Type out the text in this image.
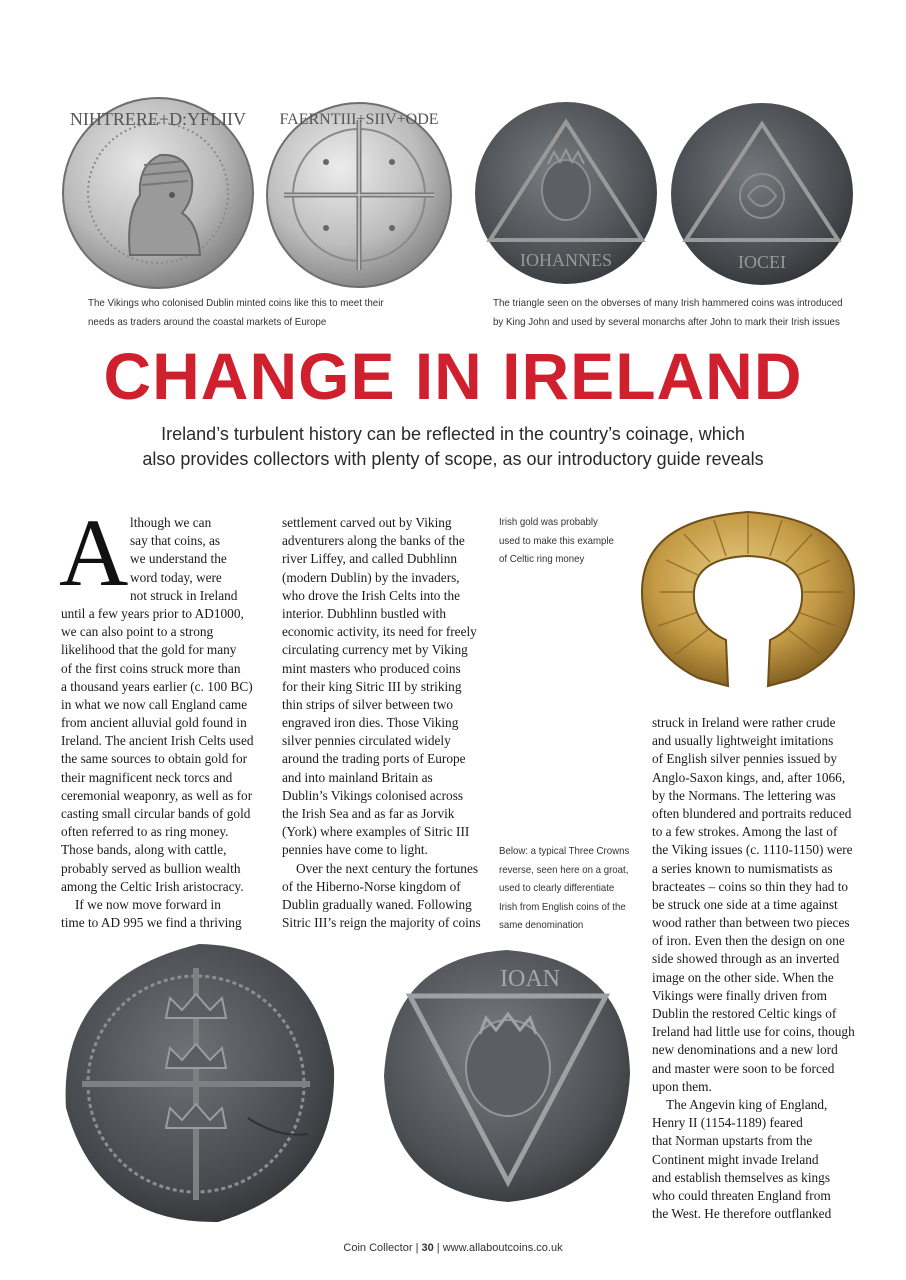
NIHTRERE+D:YFLIIV FAERNTIII+SIIV+ODE
IOHANNES	IOCEI
The Vikings who colonised Dublin minted coins like this to meet their
needs as traders around the coastal markets of Europe
The triangle seen on the obverses of many Irish hammered coins was introduced
by King John and used by several monarchs after John to mark their Irish issues
CHANGE IN IRELAND
Ireland’s turbulent history can be reflected in the country’s coinage, which
also provides collectors with plenty of scope, as our introductory guide reveals
A lthough we can
say that coins, as
we understand the
word today, were
not struck in Ireland
until a few years prior to AD1000,
we can also point to a strong
likelihood that the gold for many
of the first coins struck more than
a thousand years earlier (c. 100 BC)
in what we now call England came
from ancient alluvial gold found in
Ireland. The ancient Irish Celts used
the same sources to obtain gold for
their magnificent neck torcs and
ceremonial weaponry, as well as for
casting small circular bands of gold
often referred to as ring money.
Those bands, along with cattle,
probably served as bullion wealth
among the Celtic Irish aristocracy.
If we now move forward in
time to AD 995 we find a thriving
settlement carved out by Viking
adventurers along the banks of the
river Liffey, and called Dubhlinn
(modern Dublin) by the invaders,
who drove the Irish Celts into the
interior. Dubhlinn bustled with
economic activity, its need for freely
circulating currency met by Viking
mint masters who produced coins
for their king Sitric III by striking
thin strips of silver between two
engraved iron dies. Those Viking
silver pennies circulated widely
around the trading ports of Europe
and into mainland Britain as
Dublin’s Vikings colonised across
the Irish Sea and as far as Jorvik
(York) where examples of Sitric III
pennies have come to light.
Over the next century the fortunes
of the Hiberno-Norse kingdom of
Dublin gradually waned. Following
Sitric III’s reign the majority of coins
Irish gold was probably
used to make this example
of Celtic ring money
Below: a typical Three Crowns
reverse, seen here on a groat,
used to clearly differentiate
Irish from English coins of the
same denomination
struck in Ireland were rather crude
and usually lightweight imitations
of English silver pennies issued by
Anglo-Saxon kings, and, after 1066,
by the Normans. The lettering was
often blundered and portraits reduced
to a few strokes. Among the last of
the Viking issues (c. 1110-1150) were
a series known to numismatists as
bracteates – coins so thin they had to
be struck one side at a time against
wood rather than between two pieces
of iron. Even then the design on one
side showed through as an inverted
image on the other side. When the
Vikings were finally driven from
Dublin the restored Celtic kings of
Ireland had little use for coins, though
new denominations and a new lord
and master were soon to be forced
upon them.
The Angevin king of England,
Henry II (1154-1189) feared
that Norman upstarts from the
Continent might invade Ireland
and establish themselves as kings
who could threaten England from
the West. He therefore outflanked
IOAN
Coin Collector | 30 | www.allaboutcoins.co.uk
